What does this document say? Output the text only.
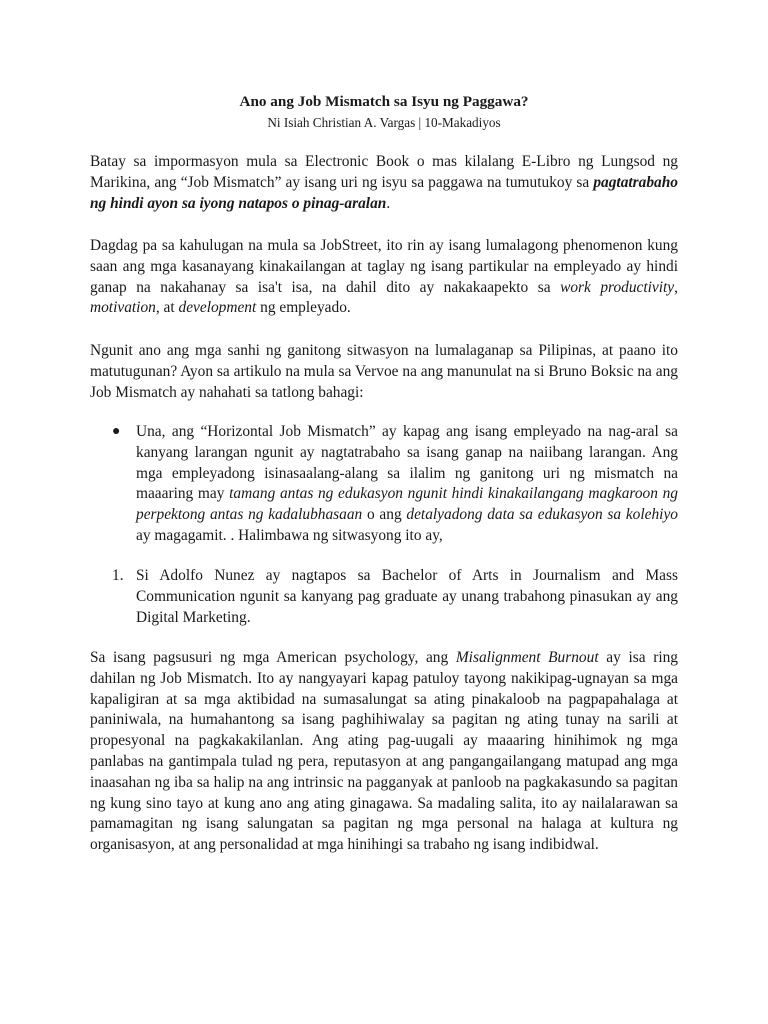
Ano ang Job Mismatch sa Isyu ng Paggawa?
Ni Isiah Christian A. Vargas | 10-Makadiyos

Batay sa impormasyon mula sa Electronic Book o mas kilalang E-Libro ng Lungsod ng Marikina, ang “Job Mismatch” ay isang uri ng isyu sa paggawa na tumutukoy sa pagtatrabaho ng hindi ayon sa iyong natapos o pinag-aralan.

Dagdag pa sa kahulugan na mula sa JobStreet, ito rin ay isang lumalagong phenomenon kung saan ang mga kasanayang kinakailangan at taglay ng isang partikular na empleyado ay hindi ganap na nakahanay sa isa't isa, na dahil dito ay nakakaapekto sa work productivity, motivation, at development ng empleyado.

Ngunit ano ang mga sanhi ng ganitong sitwasyon na lumalaganap sa Pilipinas, at paano ito matutugunan? Ayon sa artikulo na mula sa Vervoe na ang manunulat na si Bruno Boksic na ang Job Mismatch ay nahahati sa tatlong bahagi:

●	Una, ang “Horizontal Job Mismatch” ay kapag ang isang empleyado na nag-aral sa kanyang larangan ngunit ay nagtatrabaho sa isang ganap na naiibang larangan. Ang mga empleyadong isinasaalang-alang sa ilalim ng ganitong uri ng mismatch na maaaring may tamang antas ng edukasyon ngunit hindi kinakailangang magkaroon ng perpektong antas ng kadalubhasaan o ang detalyadong data sa edukasyon sa kolehiyo ay magagamit. . Halimbawa ng sitwasyong ito ay,

1. Si Adolfo Nunez ay nagtapos sa Bachelor of Arts in Journalism and Mass Communication ngunit sa kanyang pag graduate ay unang trabahong pinasukan ay ang Digital Marketing.

Sa isang pagsusuri ng mga American psychology, ang Misalignment Burnout ay isa ring dahilan ng Job Mismatch. Ito ay nangyayari kapag patuloy tayong nakikipag-ugnayan sa mga kapaligiran at sa mga aktibidad na sumasalungat sa ating pinakaloob na pagpapahalaga at paniniwala, na humahantong sa isang paghihiwalay sa pagitan ng ating tunay na sarili at propesyonal na pagkakakilanlan. Ang ating pag-uugali ay maaaring hinihimok ng mga panlabas na gantimpala tulad ng pera, reputasyon at ang pangangailangang matupad ang mga inaasahan ng iba sa halip na ang intrinsic na pagganyak at panloob na pagkakasundo sa pagitan ng kung sino tayo at kung ano ang ating ginagawa. Sa madaling salita, ito ay nailalarawan sa pamamagitan ng isang salungatan sa pagitan ng mga personal na halaga at kultura ng organisasyon, at ang personalidad at mga hinihingi sa trabaho ng isang indibidwal.
